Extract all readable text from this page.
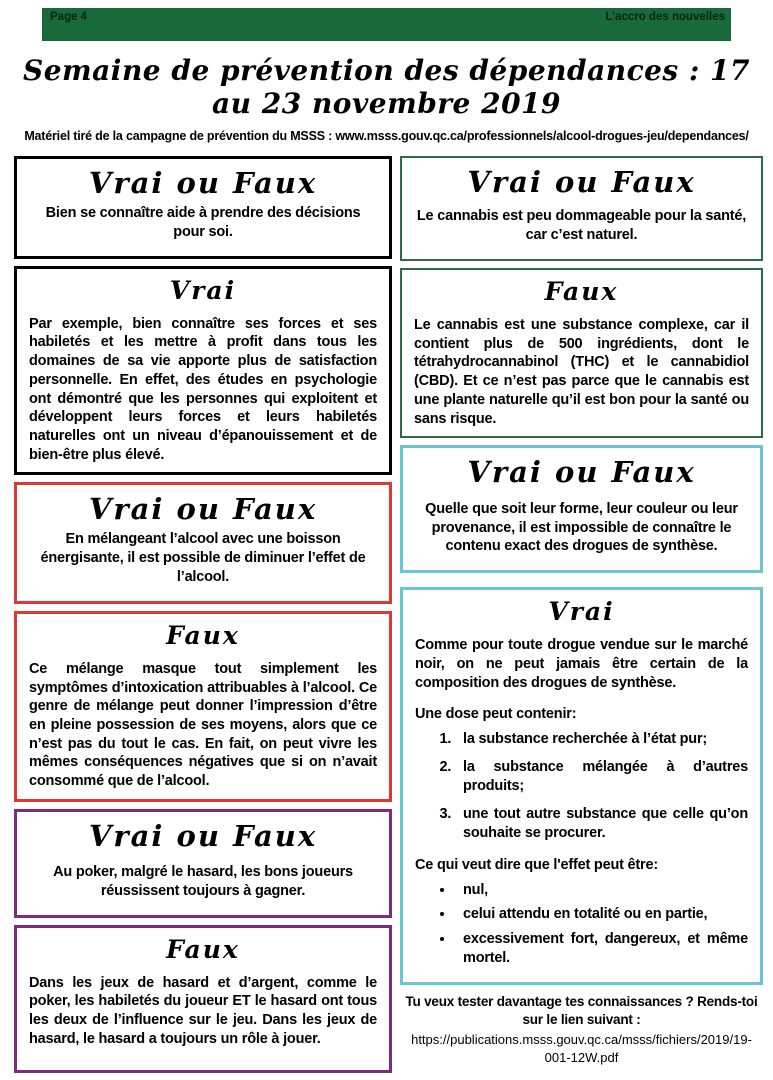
Page 4	L’accro des nouvelles
Semaine de prévention des dépendances : 17 au 23 novembre 2019
Matériel tiré de la campagne de prévention du MSSS : www.msss.gouv.qc.ca/professionnels/alcool-drogues-jeu/dependances/
Vrai ou Faux
Bien se connaître aide à prendre des décisions pour soi.
Vrai
Par exemple, bien connaître ses forces et ses habiletés et les mettre à profit dans tous les domaines de sa vie apporte plus de satisfaction personnelle. En effet, des études en psychologie ont démontré que les personnes qui exploitent et développent leurs forces et leurs habiletés naturelles ont un niveau d’épanouissement et de bien-être plus élevé.
Vrai ou Faux
En mélangeant l’alcool avec une boisson énergisante, il est possible de diminuer l’effet de l’alcool.
Faux
Ce mélange masque tout simplement les symptômes d’intoxication attribuables à l’alcool. Ce genre de mélange peut donner l’impression d’être en pleine possession de ses moyens, alors que ce n’est pas du tout le cas. En fait, on peut vivre les mêmes conséquences négatives que si on n’avait consommé que de l’alcool.
Vrai ou Faux
Au poker, malgré le hasard, les bons joueurs réussissent toujours à gagner.
Faux
Dans les jeux de hasard et d’argent, comme le poker, les habiletés du joueur ET le hasard ont tous les deux de l’influence sur le jeu. Dans les jeux de hasard, le hasard a toujours un rôle à jouer.
Vrai ou Faux
Le cannabis est peu dommageable pour la santé, car c’est naturel.
Faux
Le cannabis est une substance complexe, car il contient plus de 500 ingrédients, dont le tétrahydrocannabinol (THC) et le cannabidiol (CBD). Et ce n’est pas parce que le cannabis est une plante naturelle qu’il est bon pour la santé ou sans risque.
Vrai ou Faux
Quelle que soit leur forme, leur couleur ou leur provenance, il est impossible de connaître le contenu exact des drogues de synthèse.
Vrai
Comme pour toute drogue vendue sur le marché noir, on ne peut jamais être certain de la composition des drogues de synthèse.
Une dose peut contenir:
1. la substance recherchée à l’état pur;
2. la substance mélangée à d’autres produits;
3. une tout autre substance que celle qu’on souhaite se procurer.
Ce qui veut dire que l'effet peut être:
• nul,
• celui attendu en totalité ou en partie,
• excessivement fort, dangereux, et même mortel.
Tu veux tester davantage tes connaissances ? Rends-toi sur le lien suivant :
https://publications.msss.gouv.qc.ca/msss/fichiers/2019/19-001-12W.pdf
